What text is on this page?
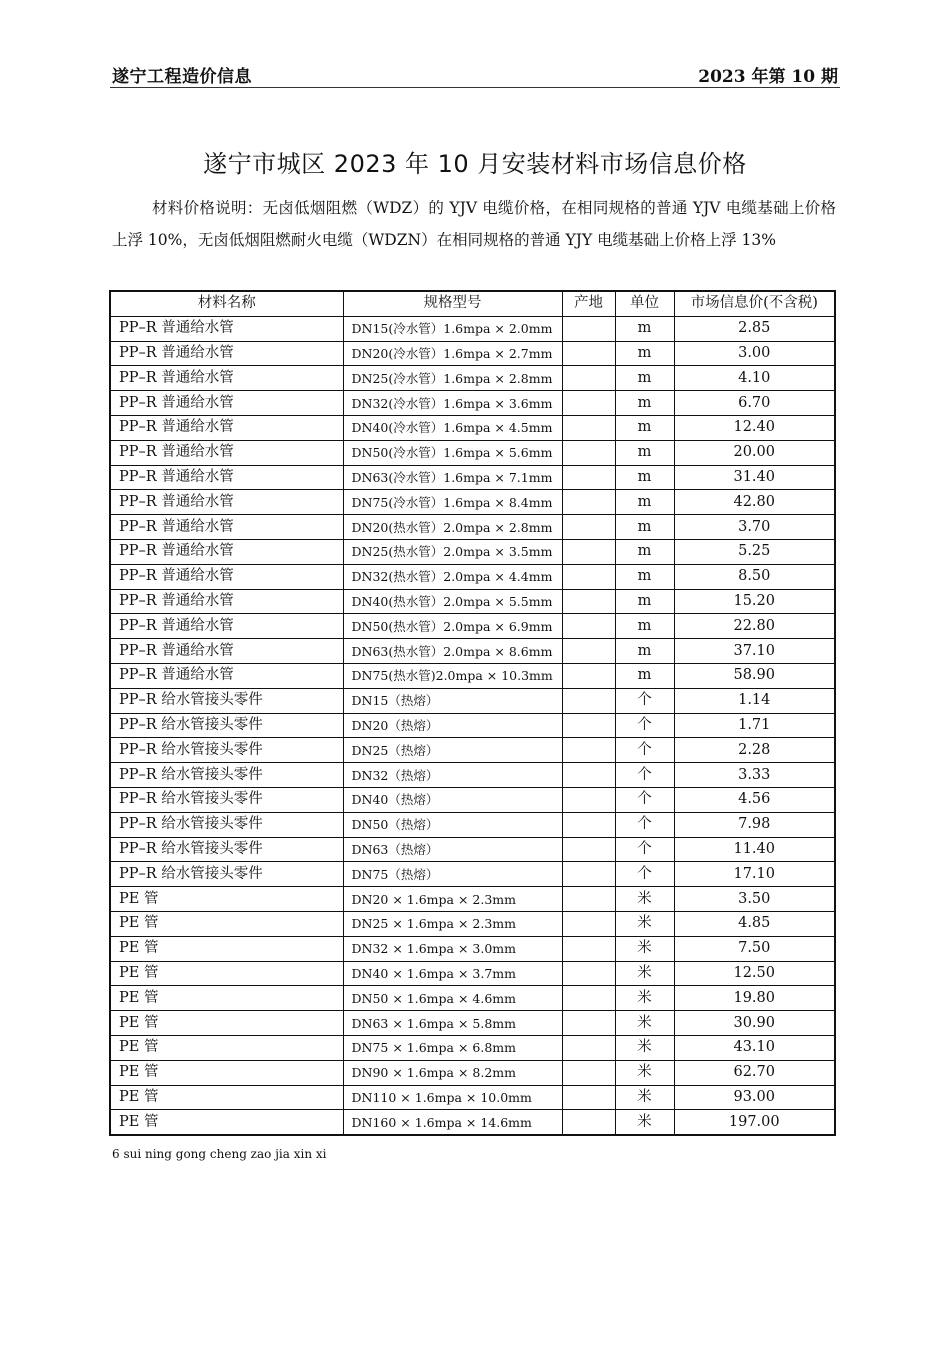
遂宁工程造价信息	2023 年第 10 期
遂宁市城区 2023 年 10 月安装材料市场信息价格
材料价格说明：无卤低烟阻燃（WDZ）的 YJV 电缆价格，在相同规格的普通 YJV 电缆基础上价格上浮 10%，无卤低烟阻燃耐火电缆（WDZN）在相同规格的普通 YJY 电缆基础上价格上浮 13%
材料名称	规格型号	产地	单位	市场信息价(不含税)
PP–R 普通给水管	DN15(冷水管）1.6mpa × 2.0mm		m	2.85
PP–R 普通给水管	DN20(冷水管）1.6mpa × 2.7mm		m	3.00
PP–R 普通给水管	DN25(冷水管）1.6mpa × 2.8mm		m	4.10
PP–R 普通给水管	DN32(冷水管）1.6mpa × 3.6mm		m	6.70
PP–R 普通给水管	DN40(冷水管）1.6mpa × 4.5mm		m	12.40
PP–R 普通给水管	DN50(冷水管）1.6mpa × 5.6mm		m	20.00
PP–R 普通给水管	DN63(冷水管）1.6mpa × 7.1mm		m	31.40
PP–R 普通给水管	DN75(冷水管）1.6mpa × 8.4mm		m	42.80
PP–R 普通给水管	DN20(热水管）2.0mpa × 2.8mm		m	3.70
PP–R 普通给水管	DN25(热水管）2.0mpa × 3.5mm		m	5.25
PP–R 普通给水管	DN32(热水管）2.0mpa × 4.4mm		m	8.50
PP–R 普通给水管	DN40(热水管）2.0mpa × 5.5mm		m	15.20
PP–R 普通给水管	DN50(热水管）2.0mpa × 6.9mm		m	22.80
PP–R 普通给水管	DN63(热水管）2.0mpa × 8.6mm		m	37.10
PP–R 普通给水管	DN75(热水管)2.0mpa × 10.3mm		m	58.90
PP–R 给水管接头零件	DN15（热熔）		个	1.14
PP–R 给水管接头零件	DN20（热熔）		个	1.71
PP–R 给水管接头零件	DN25（热熔）		个	2.28
PP–R 给水管接头零件	DN32（热熔）		个	3.33
PP–R 给水管接头零件	DN40（热熔）		个	4.56
PP–R 给水管接头零件	DN50（热熔）		个	7.98
PP–R 给水管接头零件	DN63（热熔）		个	11.40
PP–R 给水管接头零件	DN75（热熔）		个	17.10
PE 管	DN20 × 1.6mpa × 2.3mm		米	3.50
PE 管	DN25 × 1.6mpa × 2.3mm		米	4.85
PE 管	DN32 × 1.6mpa × 3.0mm		米	7.50
PE 管	DN40 × 1.6mpa × 3.7mm		米	12.50
PE 管	DN50 × 1.6mpa × 4.6mm		米	19.80
PE 管	DN63 × 1.6mpa × 5.8mm		米	30.90
PE 管	DN75 × 1.6mpa × 6.8mm		米	43.10
PE 管	DN90 × 1.6mpa × 8.2mm		米	62.70
PE 管	DN110 × 1.6mpa × 10.0mm		米	93.00
PE 管	DN160 × 1.6mpa × 14.6mm		米	197.00
6 sui ning gong cheng zao jia xin xi
